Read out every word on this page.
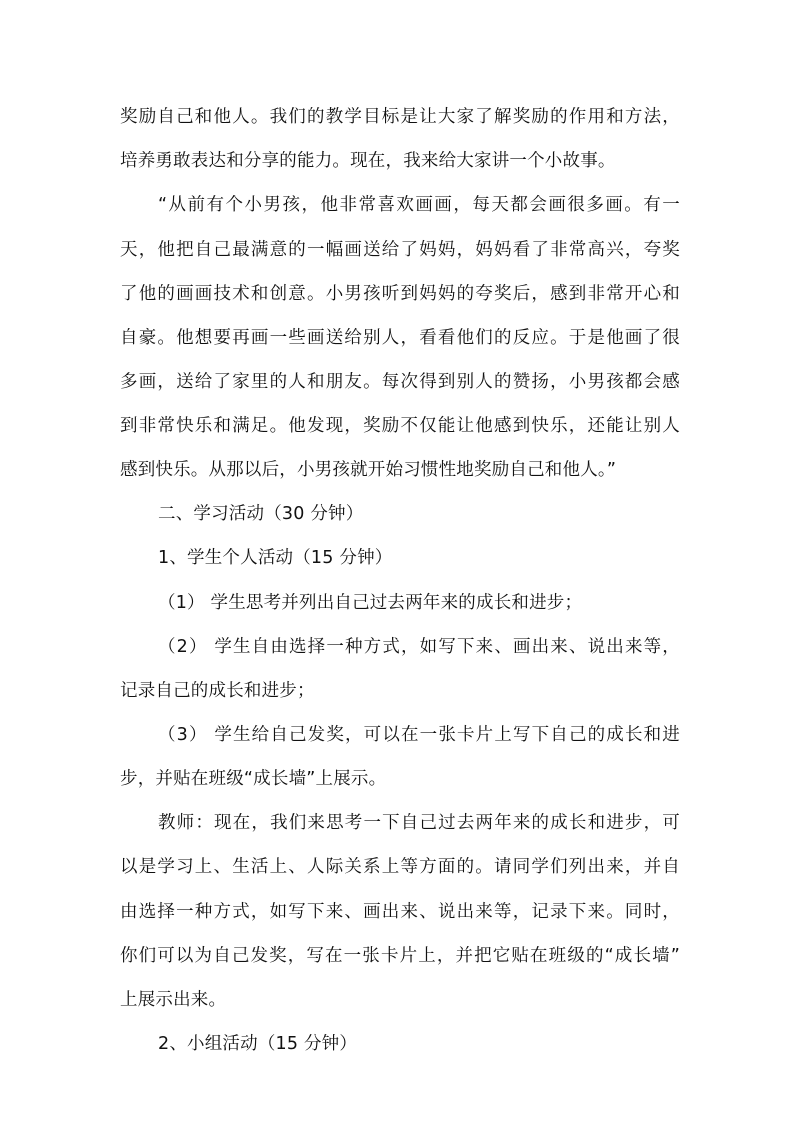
奖励自己和他人。我们的教学目标是让大家了解奖励的作用和方法，
培养勇敢表达和分享的能力。现在，我来给大家讲一个小故事。
“从前有个小男孩，他非常喜欢画画，每天都会画很多画。有一
天，他把自己最满意的一幅画送给了妈妈，妈妈看了非常高兴，夸奖
了他的画画技术和创意。小男孩听到妈妈的夸奖后，感到非常开心和
自豪。他想要再画一些画送给别人，看看他们的反应。于是他画了很
多画，送给了家里的人和朋友。每次得到别人的赞扬，小男孩都会感
到非常快乐和满足。他发现，奖励不仅能让他感到快乐，还能让别人
感到快乐。从那以后，小男孩就开始习惯性地奖励自己和他人。”
二、学习活动（30 分钟）
1、学生个人活动（15 分钟）
（1） 学生思考并列出自己过去两年来的成长和进步；
（2） 学生自由选择一种方式，如写下来、画出来、说出来等，
记录自己的成长和进步；
（3） 学生给自己发奖，可以在一张卡片上写下自己的成长和进
步，并贴在班级“成长墙”上展示。
教师：现在，我们来思考一下自己过去两年来的成长和进步，可
以是学习上、生活上、人际关系上等方面的。请同学们列出来，并自
由选择一种方式，如写下来、画出来、说出来等，记录下来。同时，
你们可以为自己发奖，写在一张卡片上，并把它贴在班级的“成长墙”
上展示出来。
2、小组活动（15 分钟）
